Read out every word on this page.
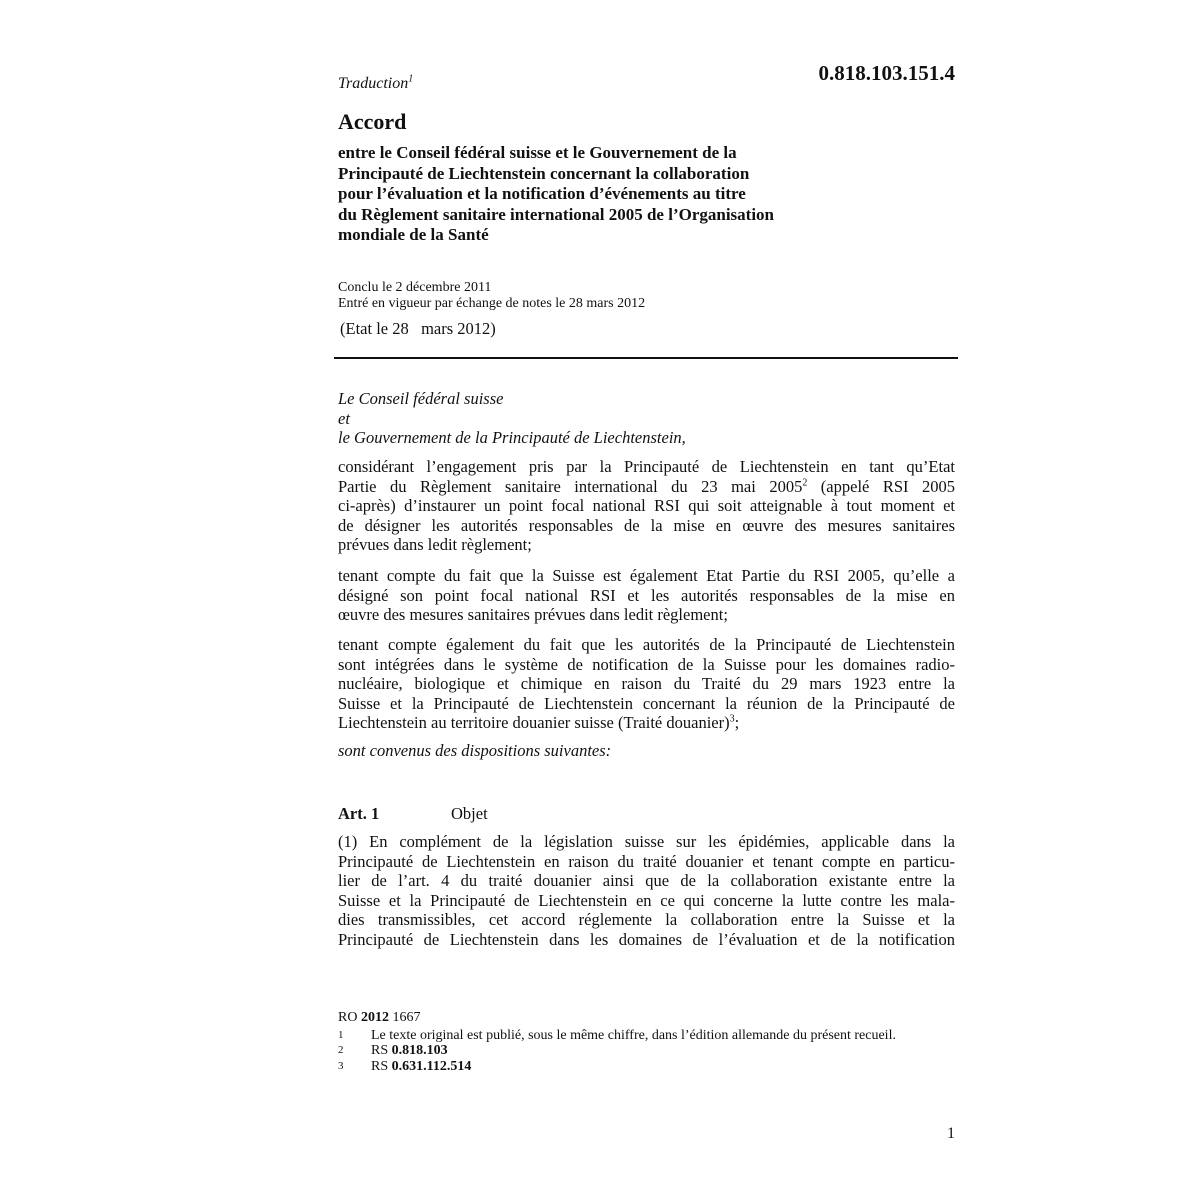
0.818.103.151.4
Traduction$^1$
Accord
entre le Conseil fédéral suisse et le Gouvernement de la
Principauté de Liechtenstein concernant la collaboration
pour l’évaluation et la notification d’événements au titre
du Règlement sanitaire international 2005 de l’Organisation
mondiale de la Santé
Conclu le 2 décembre 2011
Entré en vigueur par échange de notes le 28 mars 2012
(Etat le 28   mars 2012)
Le Conseil fédéral suisse
et
le Gouvernement de la Principauté de Liechtenstein,
considérant l’engagement pris par la Principauté de Liechtenstein en tant qu’Etat
Partie du Règlement sanitaire international du 23 mai 2005$^2$ (appelé RSI 2005
ci-après) d’instaurer un point focal national RSI qui soit atteignable à tout moment et
de désigner les autorités responsables de la mise en œuvre des mesures sanitaires
prévues dans ledit règlement;
tenant compte du fait que la Suisse est également Etat Partie du RSI 2005, qu’elle a
désigné son point focal national RSI et les autorités responsables de la mise en
œuvre des mesures sanitaires prévues dans ledit règlement;
tenant compte également du fait que les autorités de la Principauté de Liechtenstein
sont intégrées dans le système de notification de la Suisse pour les domaines radio-
nucléaire, biologique et chimique en raison du Traité du 29 mars 1923 entre la
Suisse et la Principauté de Liechtenstein concernant la réunion de la Principauté de
Liechtenstein au territoire douanier suisse (Traité douanier)$^3$;
sont convenus des dispositions suivantes:
Art. 1	Objet
(1) En complément de la législation suisse sur les épidémies, applicable dans la
Principauté de Liechtenstein en raison du traité douanier et tenant compte en particu-
lier de l’art. 4 du traité douanier ainsi que de la collaboration existante entre la
Suisse et la Principauté de Liechtenstein en ce qui concerne la lutte contre les mala-
dies transmissibles, cet accord réglemente la collaboration entre la Suisse et la
Principauté de Liechtenstein dans les domaines de l’évaluation et de la notification
RO 2012 1667
1	Le texte original est publié, sous le même chiffre, dans l’édition allemande du présent recueil.
2	RS 0.818.103
3	RS 0.631.112.514
1
